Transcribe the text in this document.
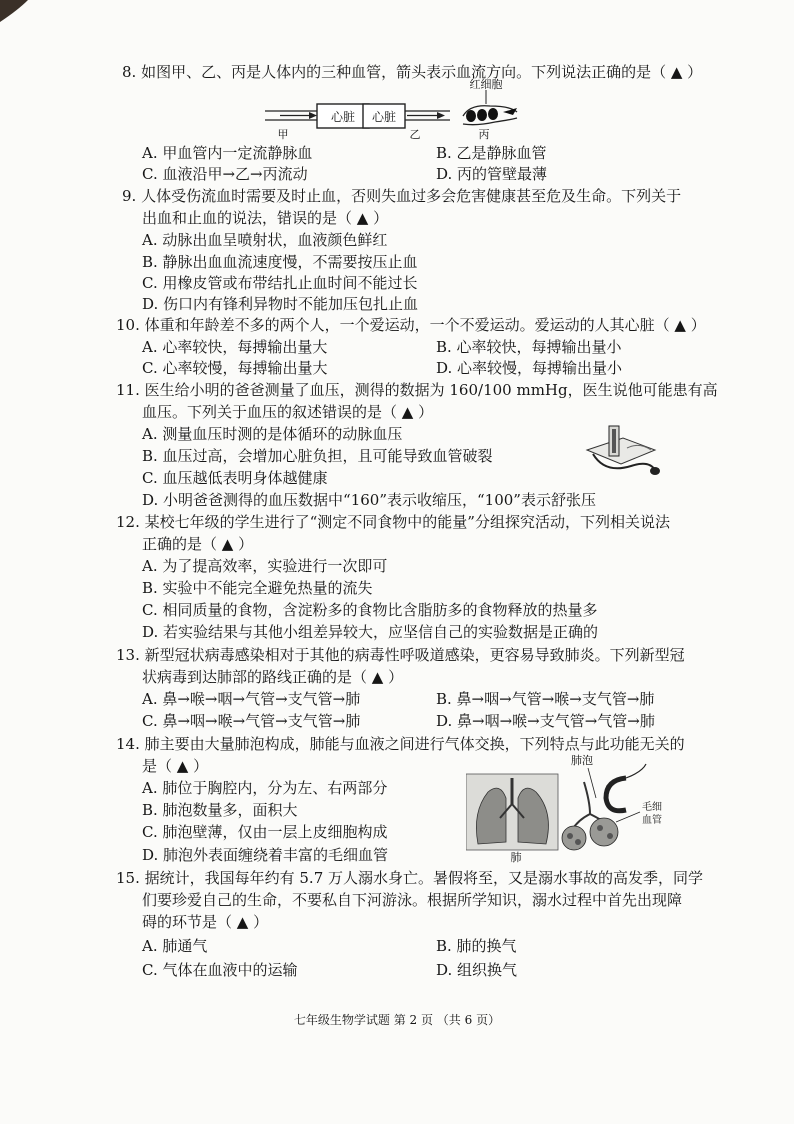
8. 如图甲、乙、丙是人体内的三种血管，箭头表示血流方向。下列说法正确的是（ ▲ ）
心脏
甲
心脏
乙
红细胞
丙
A. 甲血管内一定流静脉血	B. 乙是静脉血管
C. 血液沿甲→乙→丙流动	D. 丙的管壁最薄
9. 人体受伤流血时需要及时止血，否则失血过多会危害健康甚至危及生命。下列关于
出血和止血的说法，错误的是（ ▲ ）
A. 动脉出血呈喷射状，血液颜色鲜红
B. 静脉出血血流速度慢，不需要按压止血
C. 用橡皮管或布带结扎止血时间不能过长
D. 伤口内有锋利异物时不能加压包扎止血
10. 体重和年龄差不多的两个人，一个爱运动，一个不爱运动。爱运动的人其心脏（ ▲ ）
A. 心率较快，每搏输出量大	B. 心率较快，每搏输出量小
C. 心率较慢，每搏输出量大	D. 心率较慢，每搏输出量小
11. 医生给小明的爸爸测量了血压，测得的数据为 160/100 mmHg，医生说他可能患有高
血压。下列关于血压的叙述错误的是（ ▲ ）
A. 测量血压时测的是体循环的动脉血压
B. 血压过高，会增加心脏负担，且可能导致血管破裂
C. 血压越低表明身体越健康
D. 小明爸爸测得的血压数据中“160”表示收缩压，“100”表示舒张压
12. 某校七年级的学生进行了“测定不同食物中的能量”分组探究活动，下列相关说法
正确的是（ ▲ ）
A. 为了提高效率，实验进行一次即可
B. 实验中不能完全避免热量的流失
C. 相同质量的食物，含淀粉多的食物比含脂肪多的食物释放的热量多
D. 若实验结果与其他小组差异较大，应坚信自己的实验数据是正确的
13. 新型冠状病毒感染相对于其他的病毒性呼吸道感染，更容易导致肺炎。下列新型冠
状病毒到达肺部的路线正确的是（ ▲ ）
A. 鼻→喉→咽→气管→支气管→肺	B. 鼻→咽→气管→喉→支气管→肺
C. 鼻→咽→喉→气管→支气管→肺	D. 鼻→咽→喉→支气管→气管→肺
14. 肺主要由大量肺泡构成，肺能与血液之间进行气体交换，下列特点与此功能无关的
是（ ▲ ）
A. 肺位于胸腔内，分为左、右两部分
B. 肺泡数量多，面积大
C. 肺泡壁薄，仅由一层上皮细胞构成
D. 肺泡外表面缠绕着丰富的毛细血管	肺
肺泡
毛细
血管
15. 据统计，我国每年约有 5.7 万人溺水身亡。暑假将至，又是溺水事故的高发季，同学
们要珍爱自己的生命，不要私自下河游泳。根据所学知识，溺水过程中首先出现障
碍的环节是（ ▲ ）
A. 肺通气	B. 肺的换气
C. 气体在血液中的运输	D. 组织换气
七年级生物学试题 第 2 页 （共 6 页）
